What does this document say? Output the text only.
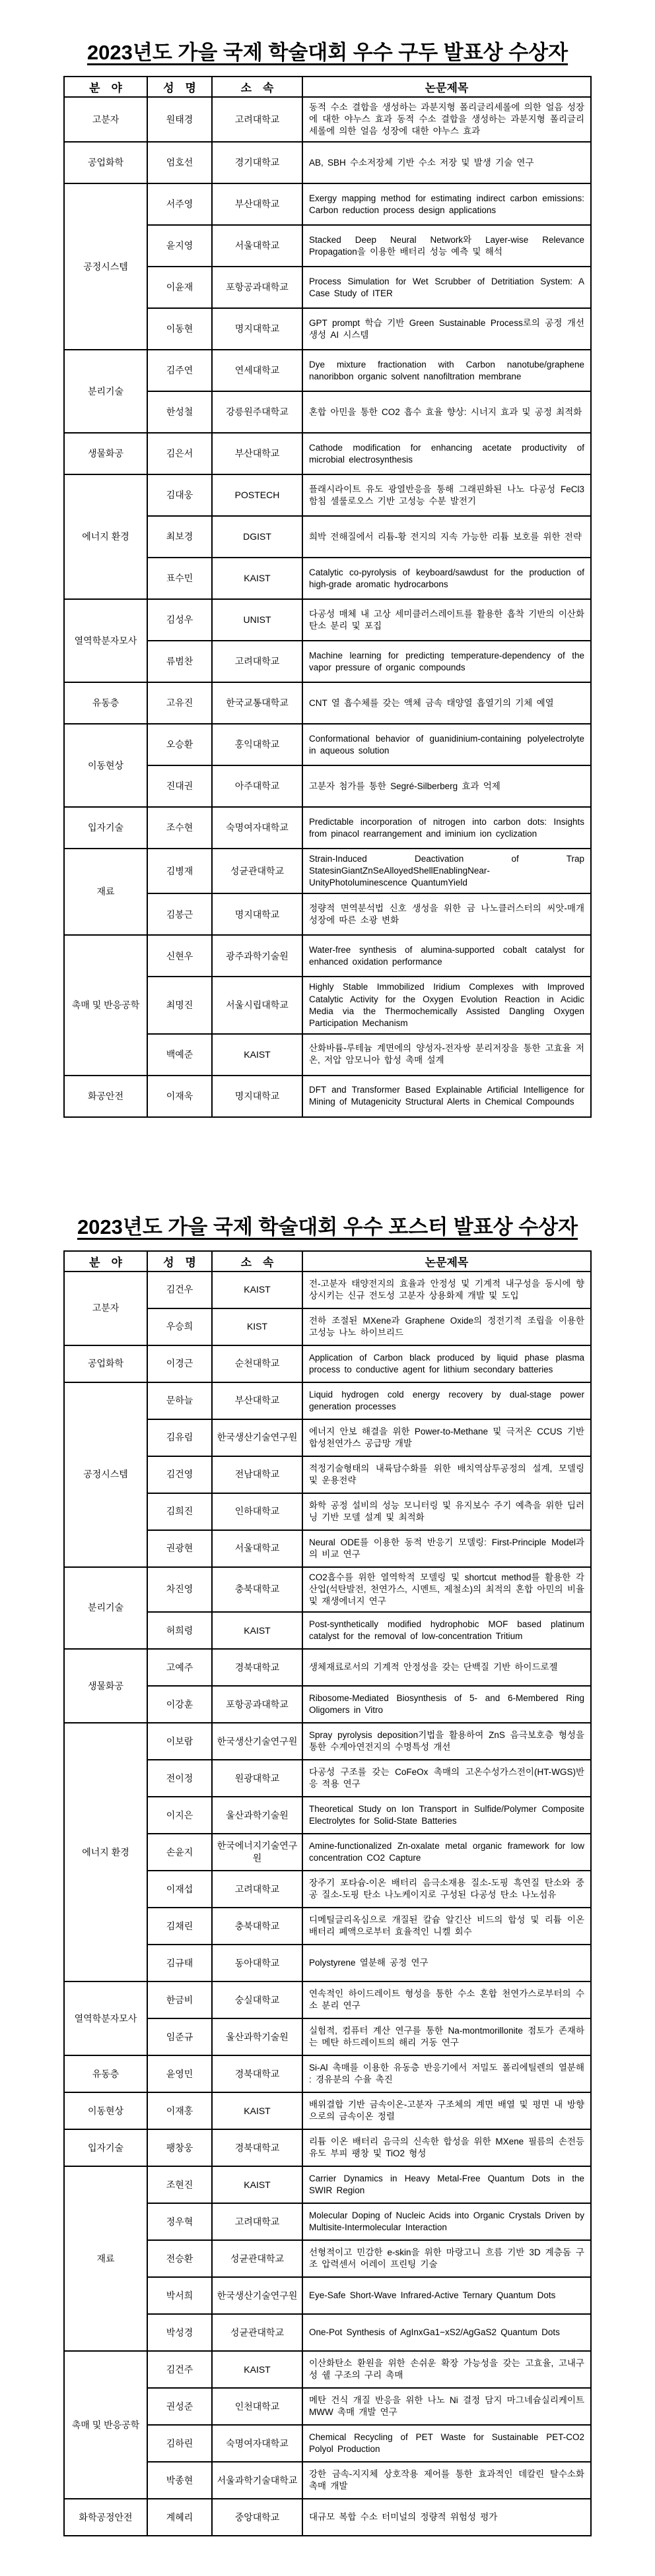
2023년도 가을 국제 학술대회 우수 구두 발표상 수상자
분　야	성　명	소　속	논문제목
고분자	원태경	고려대학교	동적 수소 결합을 생성하는 과분지형 폴리글리세롤에 의한 얼음 성장에 대한 야누스 효과 동적 수소 결합을 생성하는 과분지형 폴리글리세롤에 의한 얼음 성장에 대한 야누스 효과
공업화학	엄호선	경기대학교	AB, SBH 수소저장체 기반 수소 저장 및 발생 기술 연구
공정시스템	서주영	부산대학교	Exergy mapping method for estimating indirect carbon emissions: Carbon reduction process design applications
	윤지영	서울대학교	Stacked Deep Neural Network와 Layer-wise Relevance Propagation을 이용한 배터리 성능 예측 및 해석
	이윤재	포항공과대학교	Process Simulation for Wet Scrubber of Detritiation System: A Case Study of ITER
	이동현	명지대학교	GPT prompt 학습 기반 Green Sustainable Process로의 공정 개선 생성 AI 시스템
분리기술	김주연	연세대학교	Dye mixture fractionation with Carbon nanotube/graphene nanoribbon organic solvent nanofiltration membrane
	한성철	강릉원주대학교	혼합 아민을 통한 CO2 흡수 효율 향상: 시너지 효과 및 공정 최적화
생물화공	김은서	부산대학교	Cathode modification for enhancing acetate productivity of microbial electrosynthesis
에너지 환경	김대웅	POSTECH	플래시라이트 유도 광열반응을 통해 그래핀화된 나노 다공성 FeCl3 함침 셀룰로오스 기반 고성능 수분 발전기
	최보경	DGIST	희박 전해질에서 리튬-황 전지의 지속 가능한 리튬 보호를 위한 전략
	표수민	KAIST	Catalytic co-pyrolysis of keyboard/sawdust for the production of high-grade aromatic hydrocarbons
열역학분자모사	김성우	UNIST	다공성 매체 내 고상 세미클러스레이트를 활용한 흡착 기반의 이산화탄소 분리 및 포집
	류범찬	고려대학교	Machine learning for predicting temperature-dependency of the vapor pressure of organic compounds
유동층	고유진	한국교통대학교	CNT 열 흡수체를 갖는 액체 금속 태양열 흡열기의 기체 예열
이동현상	오승환	홍익대학교	Conformational behavior of guanidinium-containing polyelectrolyte in aqueous solution
	진대권	아주대학교	고분자 첨가를 통한 Segré-Silberberg 효과 억제
입자기술	조수현	숙명여자대학교	Predictable incorporation of nitrogen into carbon dots: Insights from pinacol rearrangement and iminium ion cyclization
재료	김병재	성균관대학교	Strain-Induced Deactivation of Trap StatesinGiantZnSeAlloyedShellEnablingNear-UnityPhotoluminescence QuantumYield
	김봉근	명지대학교	정량적 면역분석법 신호 생성을 위한 금 나노클러스터의 씨앗-매개 성장에 따른 소광 변화
촉매 및 반응공학	신현우	광주과학기술원	Water-free synthesis of alumina-supported cobalt catalyst for enhanced oxidation performance
	최명진	서울시립대학교	Highly Stable Immobilized Iridium Complexes with Improved Catalytic Activity for the Oxygen Evolution Reaction in Acidic Media via the Thermochemically Assisted Dangling Oxygen Participation Mechanism
	백예준	KAIST	산화바륨-루테늄 계면에의 양성자-전자쌍 분리저장을 통한 고효율 저온, 저압 암모니아 합성 촉매 설계
화공안전	이재욱	명지대학교	DFT and Transformer Based Explainable Artificial Intelligence for Mining of Mutagenicity Structural Alerts in Chemical Compounds
2023년도 가을 국제 학술대회 우수 포스터 발표상 수상자
분　야	성　명	소　속	논문제목
고분자	김건우	KAIST	전-고분자 태양전지의 효율과 안정성 및 기계적 내구성을 동시에 향상시키는 신규 전도성 고분자 상용화제 개발 및 도입
	우승희	KIST	전하 조절된 MXene과 Graphene Oxide의 정전기적 조립을 이용한 고성능 나노 하이브리드
공업화학	이경근	순천대학교	Application of Carbon black produced by liquid phase plasma process to conductive agent for lithium secondary batteries
공정시스템	문하늘	부산대학교	Liquid hydrogen cold energy recovery by dual-stage power generation processes
	김유림	한국생산기술연구원	에너지 안보 해결을 위한 Power-to-Methane 및 극저온 CCUS 기반 합성천연가스 공급망 개발
	김건영	전남대학교	적정기술형태의 내륙담수화를 위한 배치역삼투공정의 설계, 모델링 및 운용전략
	김희진	인하대학교	화학 공정 설비의 성능 모니터링 및 유지보수 주기 예측을 위한 딥러닝 기반 모델 설계 및 최적화
	권광현	서울대학교	Neural ODE를 이용한 동적 반응기 모델링: First-Principle Model과의 비교 연구
분리기술	차진영	충북대학교	CO2흡수를 위한 열역학적 모델링 및 shortcut method를 활용한 각 산업(석탄발전, 천연가스, 시멘트, 제철소)의 최적의 혼합 아민의 비율 및 재생에너지 연구
	허희령	KAIST	Post-synthetically modified hydrophobic MOF based platinum catalyst for the removal of low-concentration Tritium
생물화공	고예주	경북대학교	생체재료로서의 기계적 안정성을 갖는 단백질 기반 하이드로젤
	이강훈	포항공과대학교	Ribosome-Mediated Biosynthesis of 5- and 6-Membered Ring Oligomers in Vitro
에너지 환경	이보람	한국생산기술연구원	Spray pyrolysis deposition기법을 활용하여 ZnS 음극보호층 형성을 통한 수계아연전지의 수명특성 개선
	전이정	원광대학교	다공성 구조를 갖는 CoFeOx 촉매의 고온수성가스전이(HT-WGS)반응 적용 연구
	이지은	울산과학기술원	Theoretical Study on Ion Transport in Sulfide/Polymer Composite Electrolytes for Solid-State Batteries
	손윤지	한국에너지기술연구원	Amine-functionalized Zn-oxalate metal organic framework for low concentration CO2 Capture
	이재섭	고려대학교	장주기 포타슘-이온 배터리 음극소재용 질소-도핑 흑연질 탄소와 중공 질소-도핑 탄소 나노케이지로 구성된 다공성 탄소 나노섬유
	김채린	충북대학교	디메틸글리옥심으로 개질된 칼슘 알긴산 비드의 합성 및 리튬 이온 배터리 폐액으로부터 효율적인 니켈 회수
	김규태	동아대학교	Polystyrene 열분해 공정 연구
열역학분자모사	한금비	숭실대학교	연속적인 하이드레이트 형성을 통한 수소 혼합 천연가스로부터의 수소 분리 연구
	임준규	울산과학기술원	실험적, 컴퓨터 계산 연구를 통한 Na-montmorillonite 점토가 존재하는 메탄 하드레이트의 해리 거동 연구
유동층	윤영민	경북대학교	Si-Al 촉매를 이용한 유동층 반응기에서 저밀도 폴리에틸렌의 열분해 : 경유분의 수율 촉진
이동현상	이재홍	KAIST	배위결합 기반 금속이온-고분자 구조체의 계면 배열 및 평면 내 방향으로의 금속이온 정렬
입자기술	팽창웅	경북대학교	리튬 이온 배터리 음극의 신속한 합성을 위한 MXene 필름의 손전등 유도 부피 팽창 및 TiO2 형성
재료	조현진	KAIST	Carrier Dynamics in Heavy Metal-Free Quantum Dots in the SWIR Region
	정우혁	고려대학교	Molecular Doping of Nucleic Acids into Organic Crystals Driven by Multisite-Intermolecular Interaction
	전승환	성균관대학교	선형적이고 민감한 e-skin을 위한 마랑고니 흐름 기반 3D 계층돔 구조 압력센서 어레이 프린팅 기술
	박서희	한국생산기술연구원	Eye-Safe Short-Wave Infrared-Active Ternary Quantum Dots
	박성경	성균관대학교	One-Pot Synthesis of AgInxGa1−xS2/AgGaS2 Quantum Dots
촉매 및 반응공학	김건주	KAIST	이산화탄소 환원을 위한 손쉬운 확장 가능성을 갖는 고효율, 고내구성 쉘 구조의 구리 촉매
	권성준	인천대학교	메탄 건식 개질 반응을 위한 나노 Ni 결정 담지 마그네슘실리케이트 MWW 촉매 개발 연구
	김하린	숙명여자대학교	Chemical Recycling of PET Waste for Sustainable PET-CO2 Polyol Production
	박종현	서울과학기술대학교	강한 금속-지지체 상호작용 제어를 통한 효과적인 데칼린 탈수소화 촉매 개발
화학공정안전	계혜리	중앙대학교	대규모 복합 수소 터미널의 정량적 위험성 평가
